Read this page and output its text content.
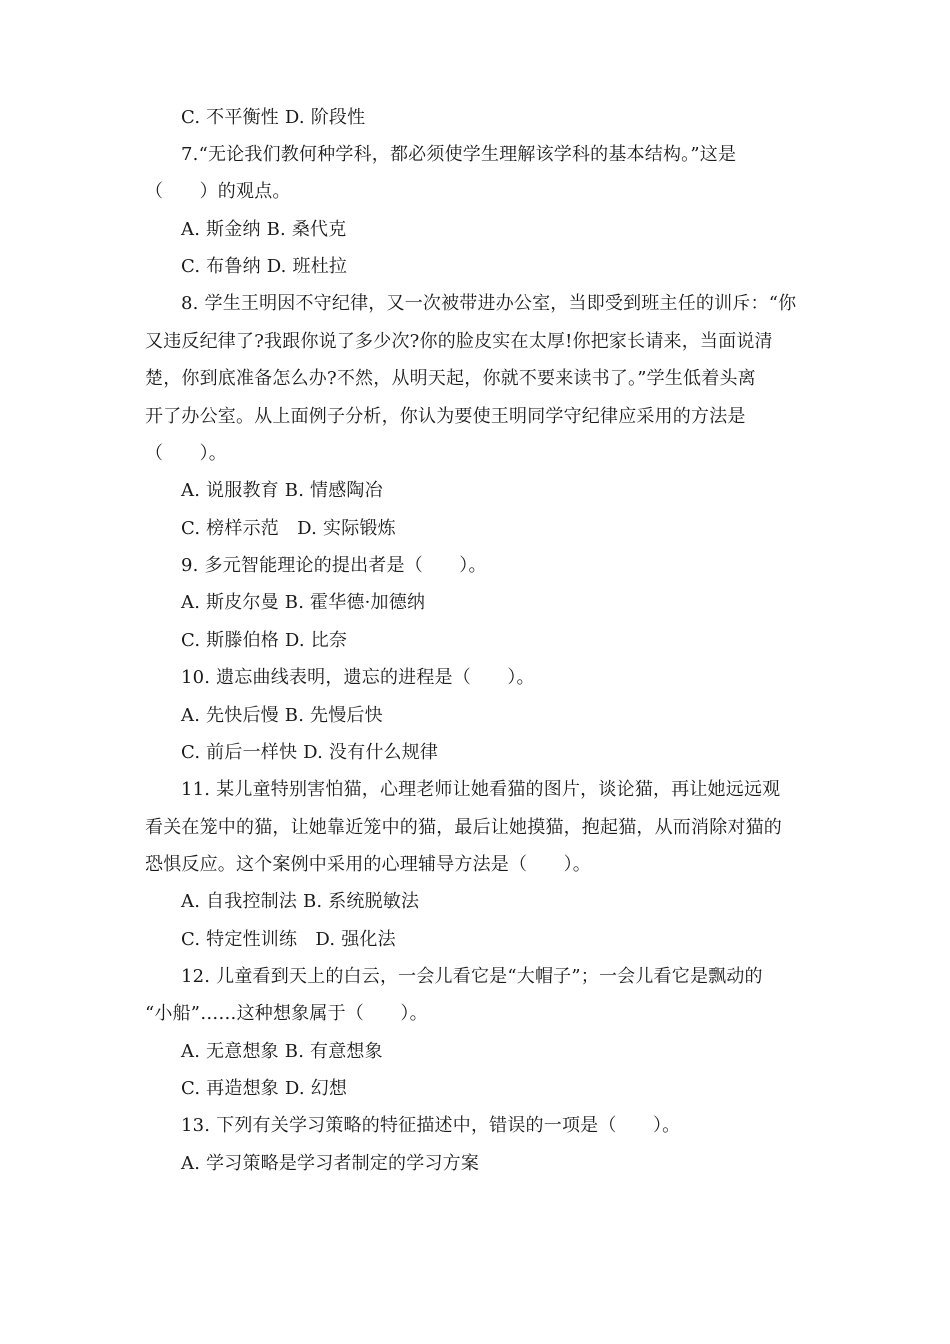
C. 不平衡性 D. 阶段性
7.“无论我们教何种学科，都必须使学生理解该学科的基本结构。”这是
（　　）的观点。
A. 斯金纳 B. 桑代克
C. 布鲁纳 D. 班杜拉
8. 学生王明因不守纪律，又一次被带进办公室，当即受到班主任的训斥：“你
又违反纪律了?我跟你说了多少次?你的脸皮实在太厚!你把家长请来，当面说清
楚，你到底准备怎么办?不然，从明天起，你就不要来读书了。”学生低着头离
开了办公室。从上面例子分析，你认为要使王明同学守纪律应采用的方法是
（　　）。
A. 说服教育 B. 情感陶冶
C. 榜样示范　D. 实际锻炼
9. 多元智能理论的提出者是（　　）。
A. 斯皮尔曼 B. 霍华德·加德纳
C. 斯滕伯格 D. 比奈
10. 遗忘曲线表明，遗忘的进程是（　　）。
A. 先快后慢 B. 先慢后快
C. 前后一样快 D. 没有什么规律
11. 某儿童特别害怕猫，心理老师让她看猫的图片，谈论猫，再让她远远观
看关在笼中的猫，让她靠近笼中的猫，最后让她摸猫，抱起猫，从而消除对猫的
恐惧反应。这个案例中采用的心理辅导方法是（　　）。
A. 自我控制法 B. 系统脱敏法
C. 特定性训练　D. 强化法
12. 儿童看到天上的白云，一会儿看它是“大帽子”；一会儿看它是飘动的
“小船”……这种想象属于（　　）。
A. 无意想象 B. 有意想象
C. 再造想象 D. 幻想
13. 下列有关学习策略的特征描述中，错误的一项是（　　）。
A. 学习策略是学习者制定的学习方案
